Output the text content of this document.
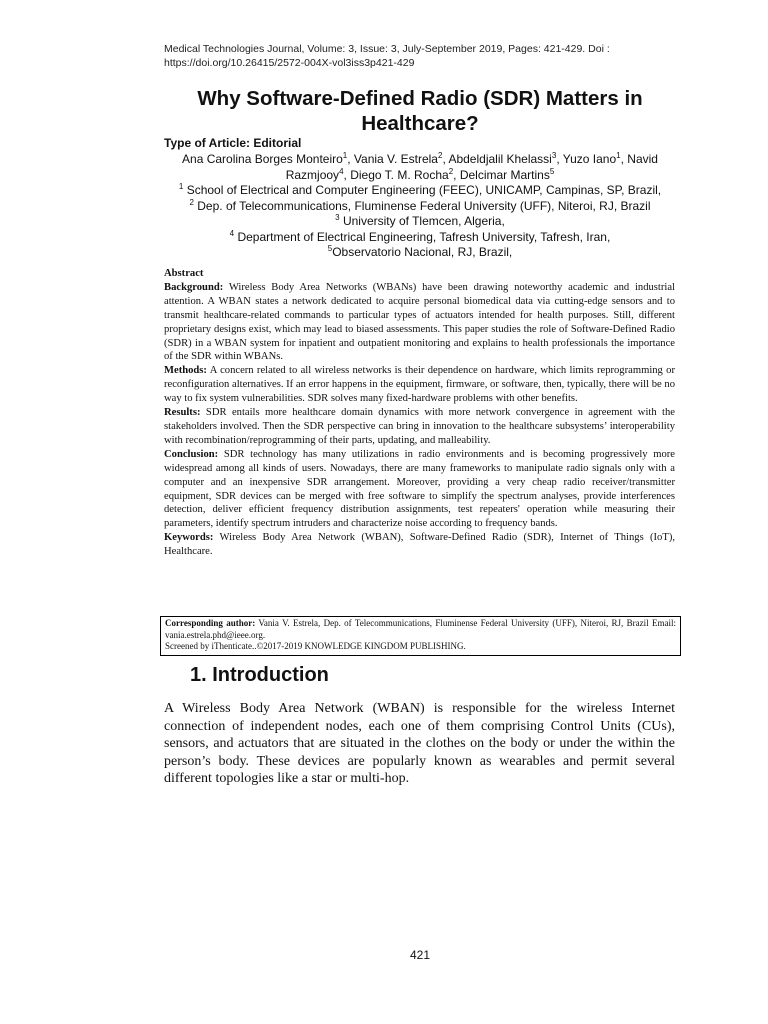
Medical Technologies Journal, Volume: 3, Issue: 3, July-September 2019, Pages: 421-429. Doi :
https://doi.org/10.26415/2572-004X-vol3iss3p421-429
Why Software-Defined Radio (SDR) Matters in Healthcare?
Type of Article: Editorial
Ana Carolina Borges Monteiro$^1$, Vania V. Estrela$^2$, Abdeldjalil Khelassi$^3$, Yuzo Iano$^1$, Navid Razmjooy$^4$, Diego T. M. Rocha$^2$, Delcimar Martins$^5$
$^1$ School of Electrical and Computer Engineering (FEEC), UNICAMP, Campinas, SP, Brazil,
$^2$ Dep. of Telecommunications, Fluminense Federal University (UFF), Niteroi, RJ, Brazil
$^3$ University of Tlemcen, Algeria,
$^4$ Department of Electrical Engineering, Tafresh University, Tafresh, Iran,
$^5$Observatorio Nacional, RJ, Brazil,

Abstract

Background: Wireless Body Area Networks (WBANs) have been drawing noteworthy academic and industrial attention. A WBAN states a network dedicated to acquire personal biomedical data via cutting-edge sensors and to transmit healthcare-related commands to particular types of actuators intended for health purposes. Still, different proprietary designs exist, which may lead to biased assessments. This paper studies the role of Software-Defined Radio (SDR) in a WBAN system for inpatient and outpatient monitoring and explains to health professionals the importance of the SDR within WBANs.

Methods: A concern related to all wireless networks is their dependence on hardware, which limits reprogramming or reconfiguration alternatives. If an error happens in the equipment, firmware, or software, then, typically, there will be no way to fix system vulnerabilities. SDR solves many fixed-hardware problems with other benefits.

Results: SDR entails more healthcare domain dynamics with more network convergence in agreement with the stakeholders involved. Then the SDR perspective can bring in innovation to the healthcare subsystems’ interoperability with recombination/reprogramming of their parts, updating, and malleability.

Conclusion: SDR technology has many utilizations in radio environments and is becoming progressively more widespread among all kinds of users. Nowadays, there are many frameworks to manipulate radio signals only with a computer and an inexpensive SDR arrangement. Moreover, providing a very cheap radio receiver/transmitter equipment, SDR devices can be merged with free software to simplify the spectrum analyses, provide interferences detection, deliver efficient frequency distribution assignments, test repeaters' operation while measuring their parameters, identify spectrum intruders and characterize noise according to frequency bands.

Keywords: Wireless Body Area Network (WBAN), Software-Defined Radio (SDR), Internet of Things (IoT), Healthcare.

Corresponding author: Vania V. Estrela, Dep. of Telecommunications, Fluminense Federal University (UFF), Niteroi, RJ, Brazil Email: vania.estrela.phd@ieee.org.

Screened by iThenticate..©2017-2019 KNOWLEDGE KINGDOM PUBLISHING.

1. Introduction

A Wireless Body Area Network (WBAN) is responsible for the wireless Internet connection of independent nodes, each one of them comprising Control Units (CUs), sensors, and actuators that are situated in the clothes on the body or under the within the person’s body. These devices are popularly known as wearables and permit several different topologies like a star or multi-hop.

421
